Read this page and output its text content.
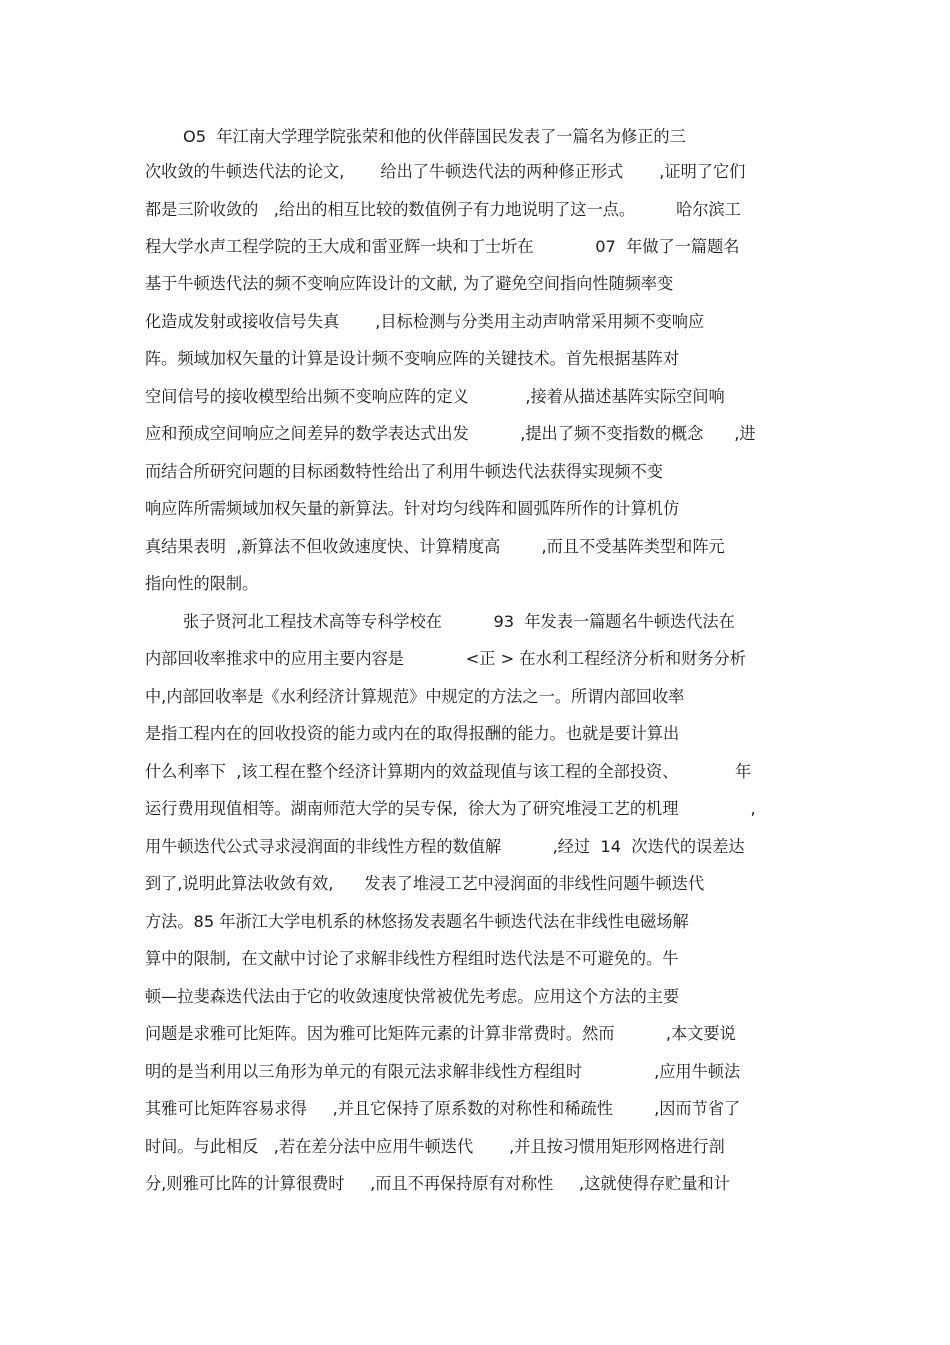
O5  年江南大学理学院张荣和他的伙伴薛国民发表了一篇名为修正的三
次收敛的牛顿迭代法的论文,       给出了牛顿迭代法的两种修正形式       ,证明了它们
都是三阶收敛的   ,给出的相互比较的数值例子有力地说明了这一点。        哈尔滨工
程大学水声工程学院的王大成和雷亚辉一块和丁士圻在            07  年做了一篇题名
基于牛顿迭代法的频不变响应阵设计的文献, 为了避免空间指向性随频率变
化造成发射或接收信号失真       ,目标检测与分类用主动声呐常采用频不变响应
阵。频域加权矢量的计算是设计频不变响应阵的关键技术。首先根据基阵对
空间信号的接收模型给出频不变响应阵的定义           ,接着从描述基阵实际空间响
应和预成空间响应之间差异的数学表达式出发          ,提出了频不变指数的概念      ,进
而结合所研究问题的目标函数特性给出了利用牛顿迭代法获得实现频不变
响应阵所需频域加权矢量的新算法。针对均匀线阵和圆弧阵所作的计算机仿
真结果表明  ,新算法不但收敛速度快、计算精度高        ,而且不受基阵类型和阵元
指向性的限制。
张子贤河北工程技术高等专科学校在          93  年发表一篇题名牛顿迭代法在
内部回收率推求中的应用主要内容是            <正 > 在水利工程经济分析和财务分析
中,内部回收率是《水利经济计算规范》中规定的方法之一。所谓内部回收率
是指工程内在的回收投资的能力或内在的取得报酬的能力。也就是要计算出
什么利率下  ,该工程在整个经济计算期内的效益现值与该工程的全部投资、           年
运行费用现值相等。湖南师范大学的吴专保,  徐大为了研究堆浸工艺的机理              ,
用牛顿迭代公式寻求浸润面的非线性方程的数值解          ,经过  14  次迭代的误差达
到了,说明此算法收敛有效,      发表了堆浸工艺中浸润面的非线性问题牛顿迭代
方法。85 年浙江大学电机系的林悠扬发表题名牛顿迭代法在非线性电磁场解
算中的限制,  在文献中讨论了求解非线性方程组时迭代法是不可避免的。牛
顿—拉斐森迭代法由于它的收敛速度快常被优先考虑。应用这个方法的主要
问题是求雅可比矩阵。因为雅可比矩阵元素的计算非常费时。然而          ,本文要说
明的是当利用以三角形为单元的有限元法求解非线性方程组时              ,应用牛顿法
其雅可比矩阵容易求得     ,并且它保持了原系数的对称性和稀疏性        ,因而节省了
时间。与此相反   ,若在差分法中应用牛顿迭代       ,并且按习惯用矩形网格进行剖
分,则雅可比阵的计算很费时     ,而且不再保持原有对称性     ,这就使得存贮量和计
